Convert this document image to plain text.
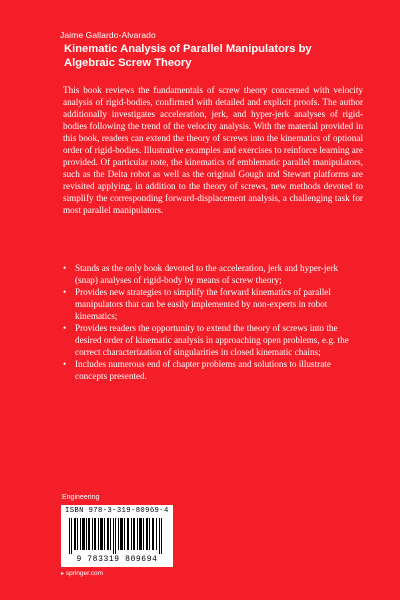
Jaime Gallardo-Alvarado
Kinematic Analysis of Parallel Manipulators by Algebraic Screw Theory
This book reviews the fundamentals of screw theory concerned with velocity analysis of rigid-bodies, confirmed with detailed and explicit proofs. The author additionally investigates acceleration, jerk, and hyper-jerk analyses of rigid-bodies following the trend of the velocity analysis. With the material provided in this book, readers can extend the theory of screws into the kinematics of optional order of rigid-bodies. Illustrative examples and exercises to reinforce learning are provided. Of particular note, the kinematics of emblematic parallel manipulators, such as the Delta robot as well as the original Gough and Stewart platforms are revisited applying, in addition to the theory of screws, new methods devoted to simplify the corresponding forward-displacement analysis, a challenging task for most parallel manipulators.
• Stands as the only book devoted to the acceleration, jerk and hyper-jerk (snap) analyses of rigid-body by means of screw theory;
• Provides new strategies to simplify the forward kinematics of parallel manipulators that can be easily implemented by non-experts in robot kinematics;
• Provides readers the opportunity to extend the theory of screws into the desired order of kinematic analysis in approaching open problems, e.g. the correct characterization of singularities in closed kinematic chains;
• Includes numerous end of chapter problems and solutions to illustrate concepts presented.
Engineering
ISBN 978-3-319-80969-4
9 783319 809694
▸ springer.com
